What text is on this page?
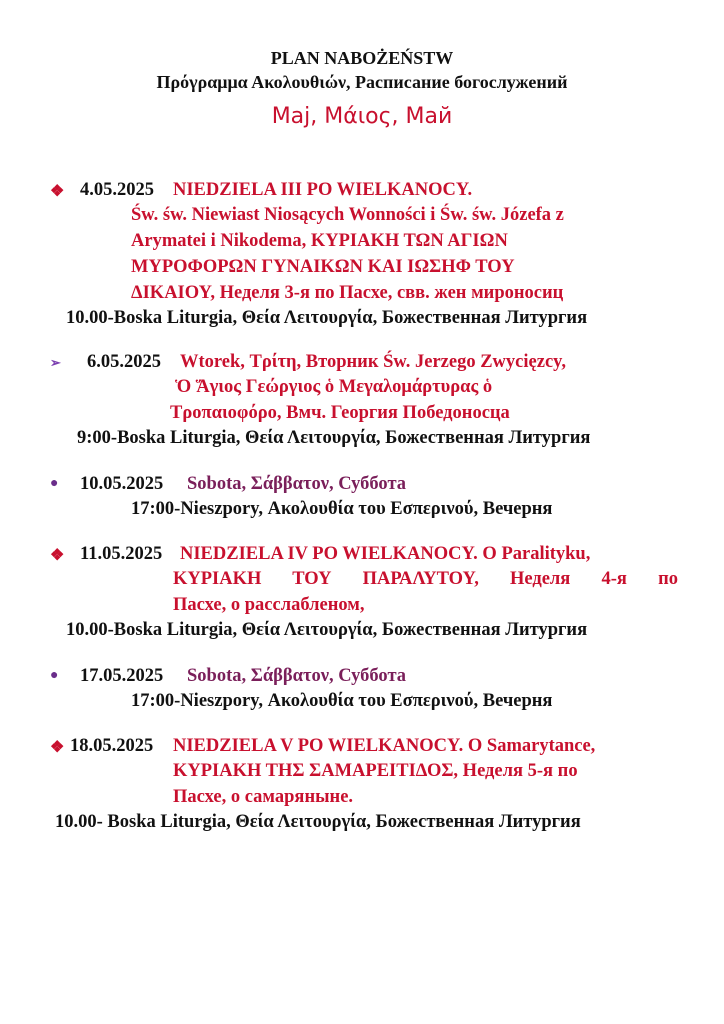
PLAN NABOŻEŃSTW
Πρόγραμμα Ακολουθιών, Расписание богослужений
Maj, Μάιος, Май
❖ 4.05.2025 NIEDZIELA III PO WIELKANOCY.
Św. św. Niewiast Niosących Wonności i Św. św. Józefa z
Arymatei i Nikodema, ΚΥΡΙΑΚΗ ΤΩΝ ΑΓΙΩΝ
ΜΥΡΟΦΟΡΩΝ ΓΥΝΑΙΚΩΝ ΚΑΙ ΙΩΣΗΦ ΤΟΥ
ΔΙΚΑΙΟΥ, Неделя 3-я по Пасхе, свв. жен мироносиц
10.00-Boska Liturgia, Θεία Λειτουργία, Божественная Литургия
➢ 6.05.2025 Wtorek, Τρίτη, Вторник Św. Jerzego Zwycięzcy,
Ὁ Ἅγιος Γεώργιος ὁ Μεγαλομάρτυρας ὁ
Τροπαιοφόρο, Вмч. Георгия Победоносца
9:00-Boska Liturgia, Θεία Λειτουργία, Божественная Литургия
● 10.05.2025 Sobota, Σάββατον, Суббота
17:00-Nieszpory, Ακολουθία του Εσπερινού, Вечерня
❖ 11.05.2025 NIEDZIELA IV PO WIELKANOCY. O Paralityku,
ΚΥΡΙΑΚΗ ΤΟΥ ΠΑΡΑΛΥΤΟΥ, Неделя 4-я по
Пасхе, о расслабленом,
10.00-Boska Liturgia, Θεία Λειτουργία, Божественная Литургия
● 17.05.2025 Sobota, Σάββατον, Суббота
17:00-Nieszpory, Ακολουθία του Εσπερινού, Вечерня
❖ 18.05.2025 NIEDZIELA V PO WIELKANOCY. O Samarytance,
ΚΥΡΙΑΚΗ ΤΗΣ ΣΑΜΑΡΕΙΤΙΔΟΣ, Неделя 5-я по
Пасхе, о самаряныне.
10.00- Boska Liturgia, Θεία Λειτουργία, Божественная Литургия
